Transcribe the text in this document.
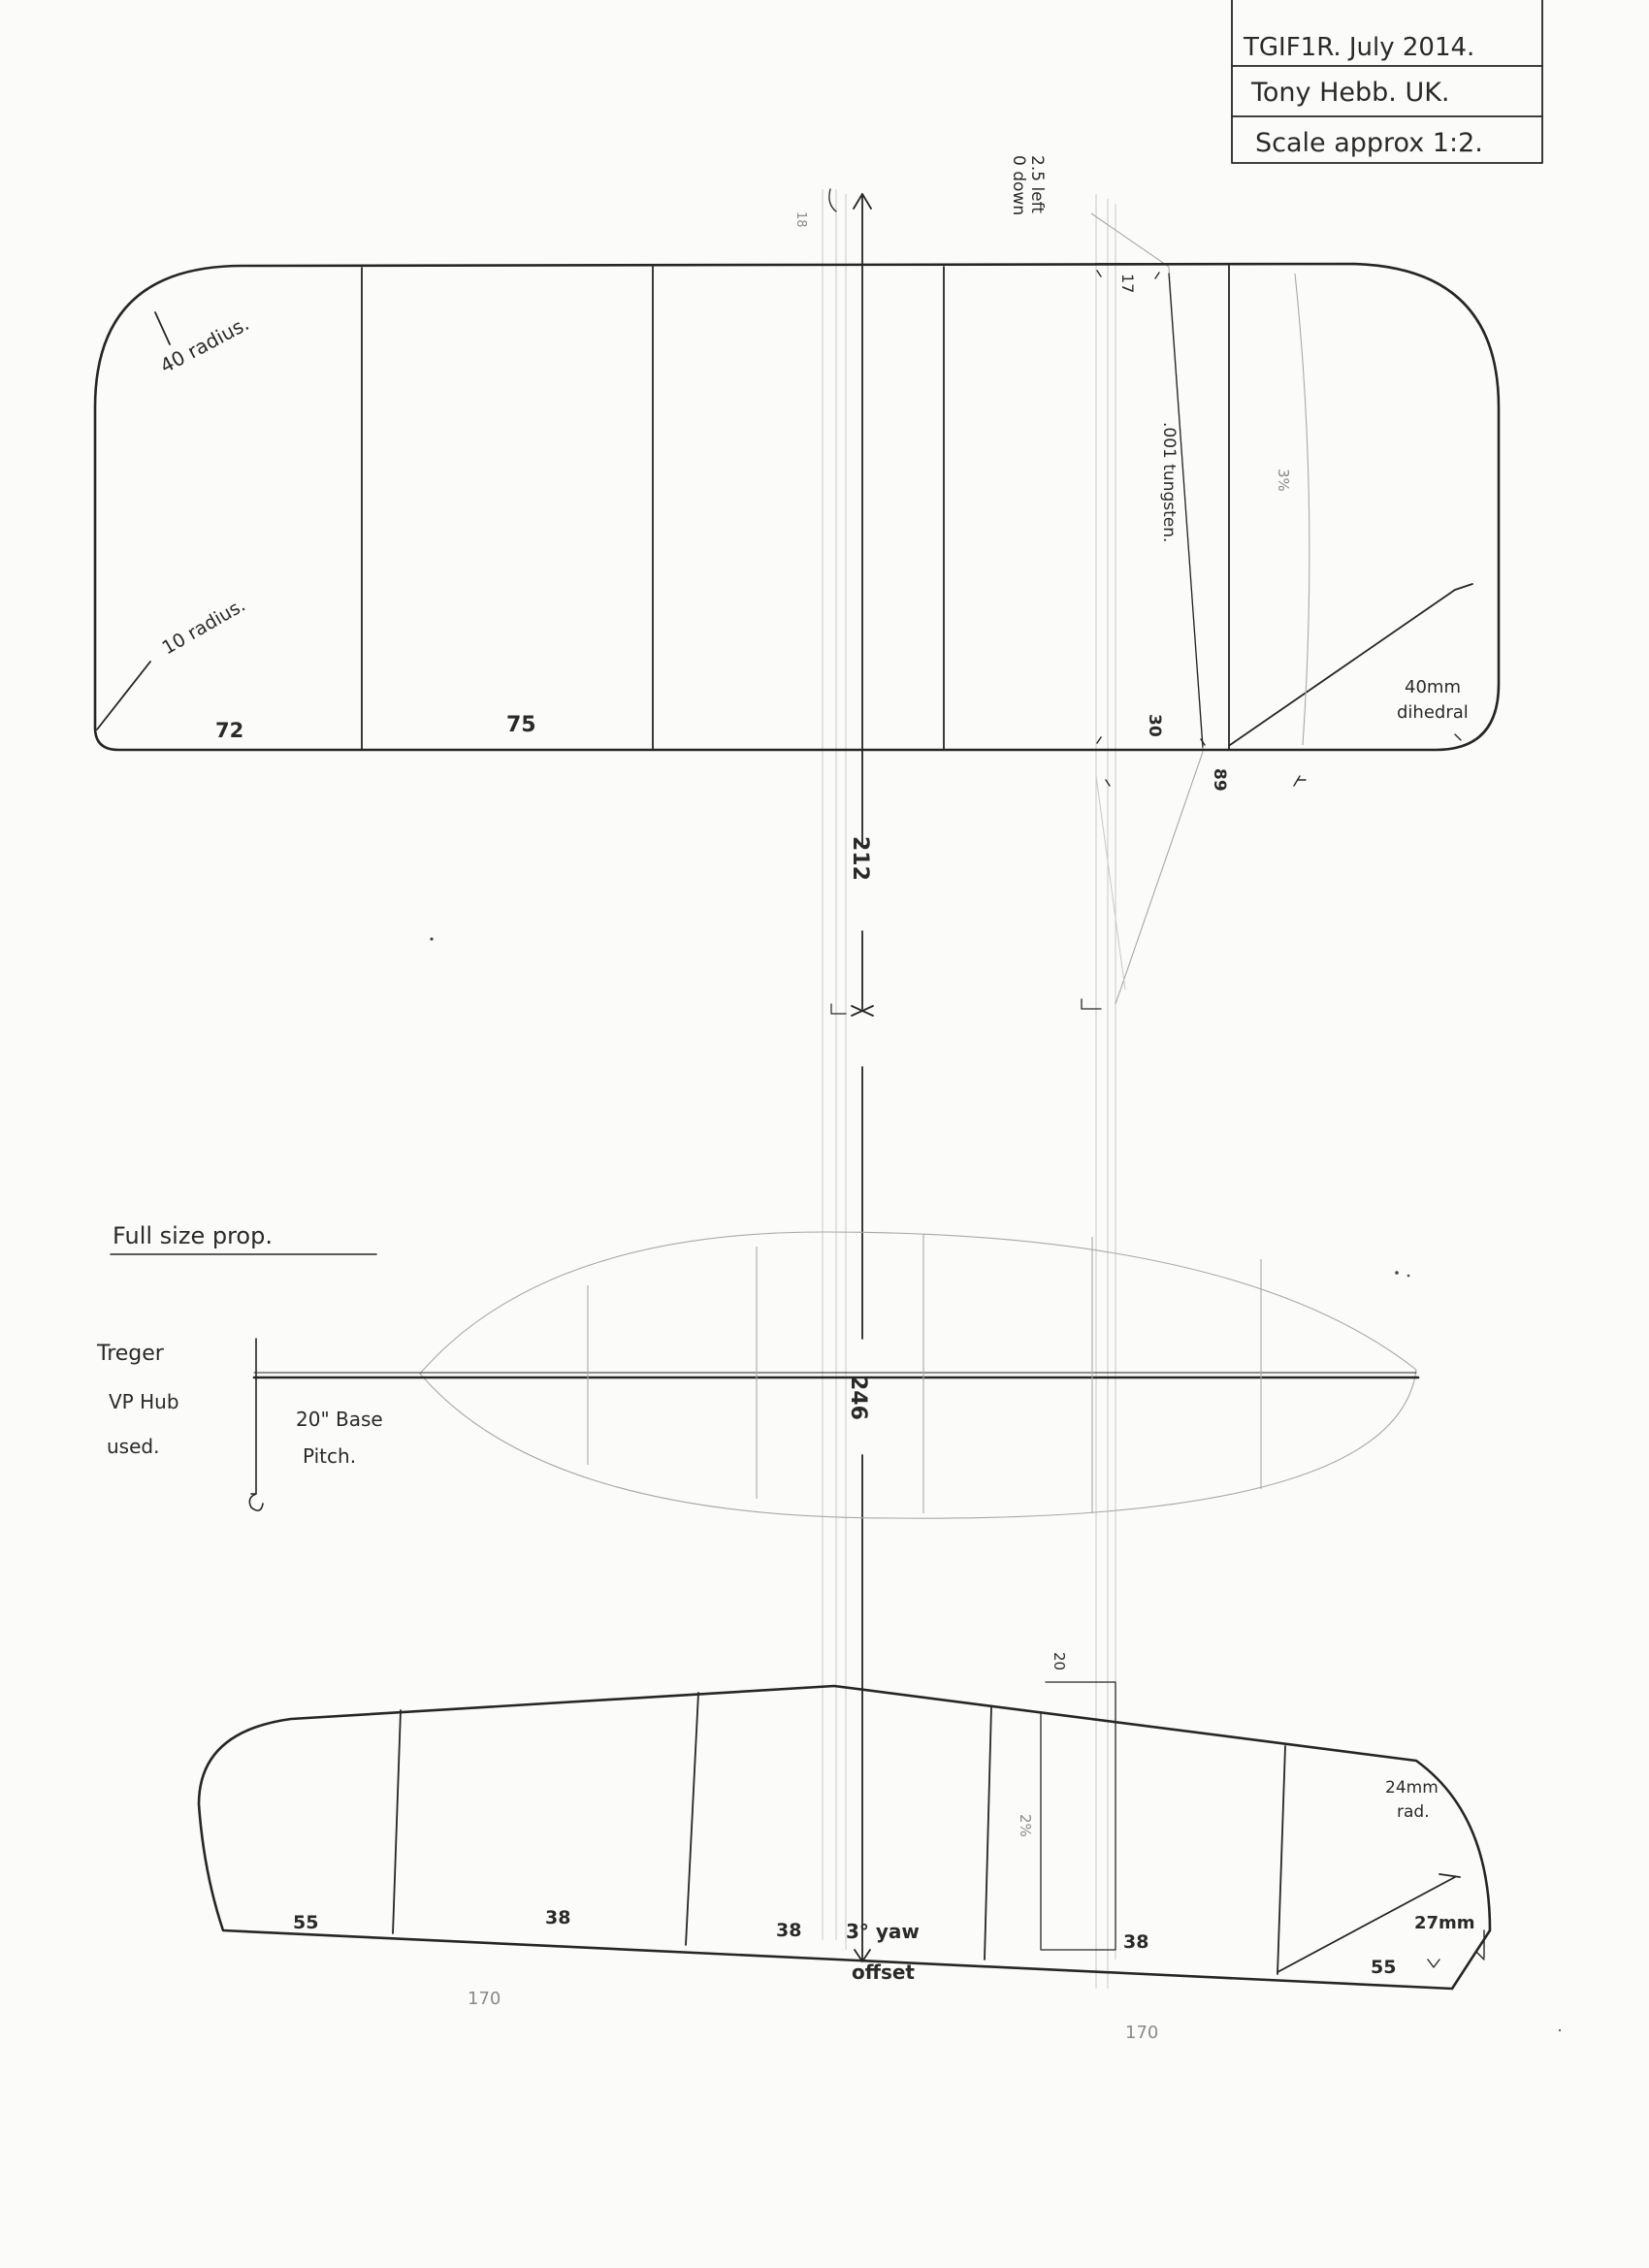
TGIF1R. July 2014.
Tony Hebb. UK.
Scale approx 1:2.
40 radius.
10 radius.
72	75
17
30
.001 tungsten.	3%
40mm
dihedral
89
2.5 left
0 down
18
212
246
Full size prop.
Treger
VP Hub
used.
20" Base
Pitch.
55	38
38
38
55
3° yaw
offset
24mm
rad.
27mm
20
2%
170
170
